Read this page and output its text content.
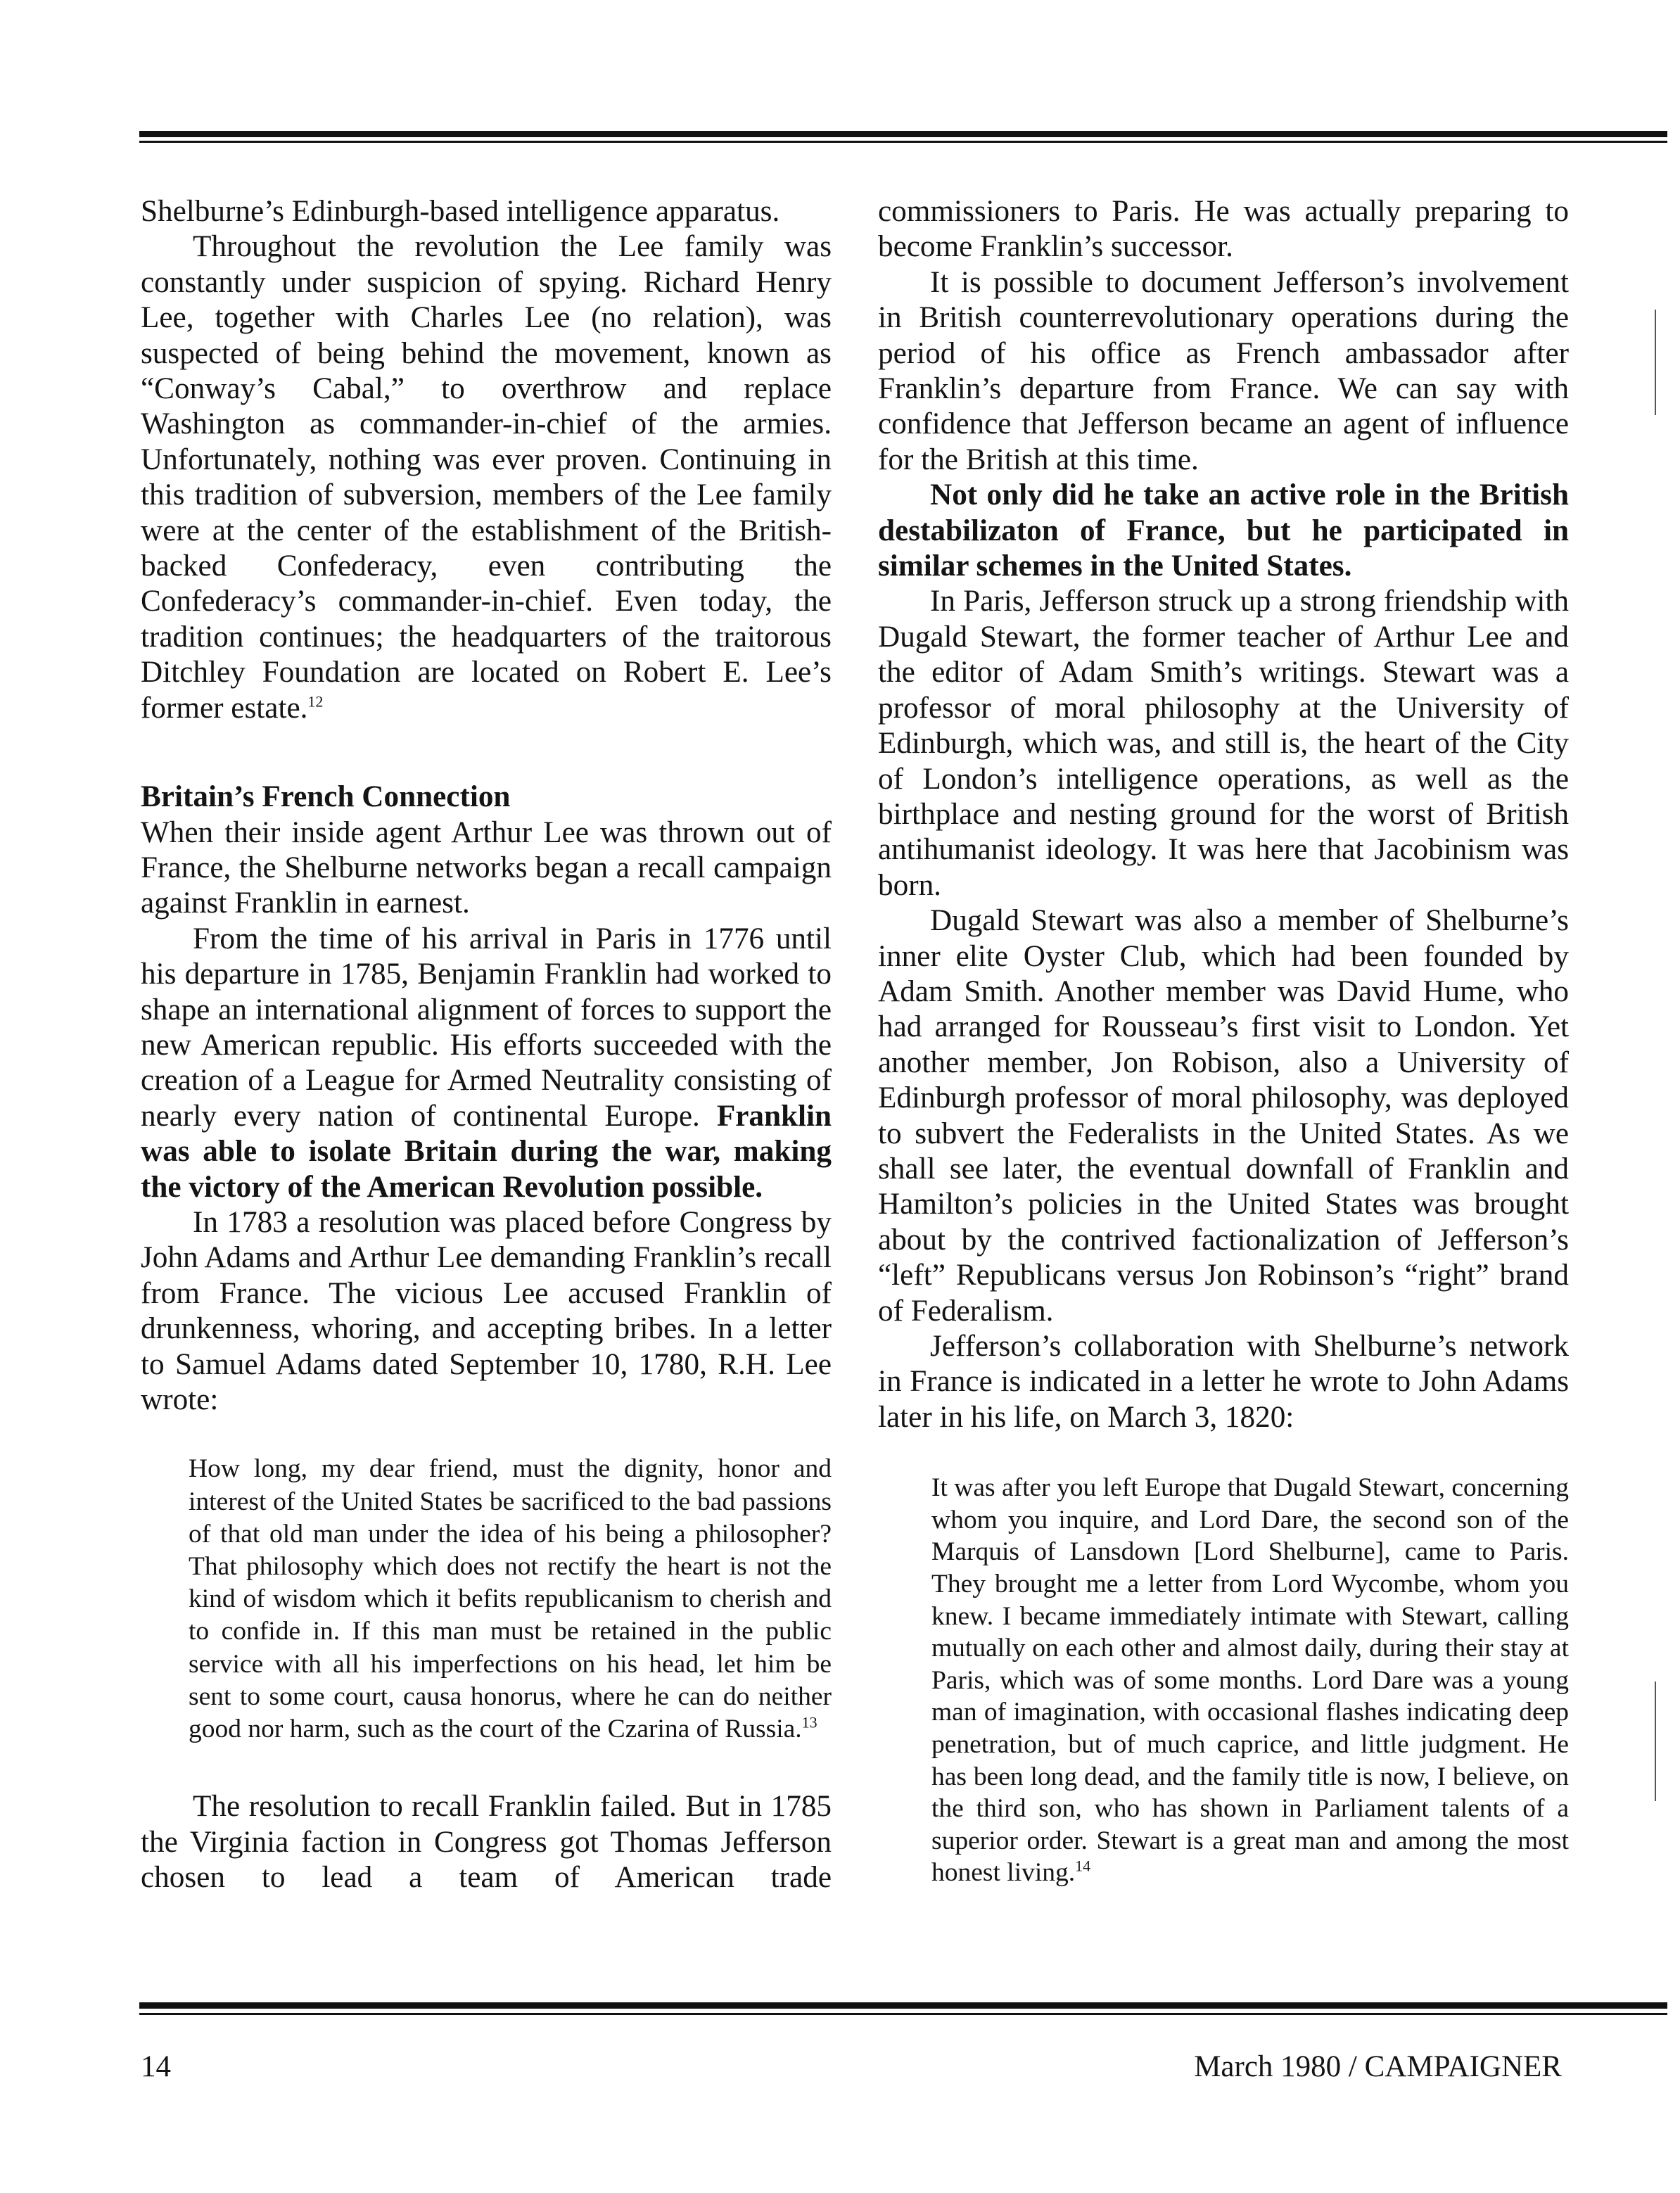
Shelburne’s Edinburgh-based intelligence apparatus.

Throughout the revolution the Lee family was constantly under suspicion of spying. Richard Henry Lee, together with Charles Lee (no relation), was suspected of being behind the movement, known as “Conway’s Cabal,” to overthrow and replace Washington as commander-in-chief of the armies. Unfortunately, nothing was ever proven. Continuing in this tradition of subversion, members of the Lee family were at the center of the establishment of the British-backed Confederacy, even contributing the Confederacy’s commander-in-chief. Even today, the tradition continues; the headquarters of the traitorous Ditchley Foundation are located on Robert E. Lee’s former estate.$^{12}$

Britain’s French Connection

When their inside agent Arthur Lee was thrown out of France, the Shelburne networks began a recall campaign against Franklin in earnest.

From the time of his arrival in Paris in 1776 until his departure in 1785, Benjamin Franklin had worked to shape an international alignment of forces to support the new American republic. His efforts succeeded with the creation of a League for Armed Neutrality consisting of nearly every nation of continental Europe. Franklin was able to isolate Britain during the war, making the victory of the American Revolution possible.

In 1783 a resolution was placed before Congress by John Adams and Arthur Lee demanding Franklin’s recall from France. The vicious Lee accused Franklin of drunkenness, whoring, and accepting bribes. In a letter to Samuel Adams dated September 10, 1780, R.H. Lee wrote:

How long, my dear friend, must the dignity, honor and interest of the United States be sacrificed to the bad passions of that old man under the idea of his being a philosopher? That philosophy which does not rectify the heart is not the kind of wisdom which it befits republicanism to cherish and to confide in. If this man must be retained in the public service with all his imperfections on his head, let him be sent to some court, causa honorus, where he can do neither good nor harm, such as the court of the Czarina of Russia.$^{13}$

The resolution to recall Franklin failed. But in 1785 the Virginia faction in Congress got Thomas Jefferson chosen to lead a team of American trade

commissioners to Paris. He was actually preparing to become Franklin’s successor.

It is possible to document Jefferson’s involvement in British counterrevolutionary operations during the period of his office as French ambassador after Franklin’s departure from France. We can say with confidence that Jefferson became an agent of influence for the British at this time.

Not only did he take an active role in the British destabilizaton of France, but he participated in similar schemes in the United States.

In Paris, Jefferson struck up a strong friendship with Dugald Stewart, the former teacher of Arthur Lee and the editor of Adam Smith’s writings. Stewart was a professor of moral philosophy at the University of Edinburgh, which was, and still is, the heart of the City of London’s intelligence operations, as well as the birthplace and nesting ground for the worst of British antihumanist ideology. It was here that Jacobinism was born.

Dugald Stewart was also a member of Shelburne’s inner elite Oyster Club, which had been founded by Adam Smith. Another member was David Hume, who had arranged for Rousseau’s first visit to London. Yet another member, Jon Robison, also a University of Edinburgh professor of moral philosophy, was deployed to subvert the Federalists in the United States. As we shall see later, the eventual downfall of Franklin and Hamilton’s policies in the United States was brought about by the contrived factionalization of Jefferson’s “left” Republicans versus Jon Robinson’s “right” brand of Federalism.

Jefferson’s collaboration with Shelburne’s network in France is indicated in a letter he wrote to John Adams later in his life, on March 3, 1820:

It was after you left Europe that Dugald Stewart, concerning whom you inquire, and Lord Dare, the second son of the Marquis of Lansdown [Lord Shelburne], came to Paris. They brought me a letter from Lord Wycombe, whom you knew. I became immediately intimate with Stewart, calling mutually on each other and almost daily, during their stay at Paris, which was of some months. Lord Dare was a young man of imagination, with occasional flashes indicating deep penetration, but of much caprice, and little judgment. He has been long dead, and the family title is now, I believe, on the third son, who has shown in Parliament talents of a superior order. Stewart is a great man and among the most honest living.$^{14}$

14	March 1980 / CAMPAIGNER
